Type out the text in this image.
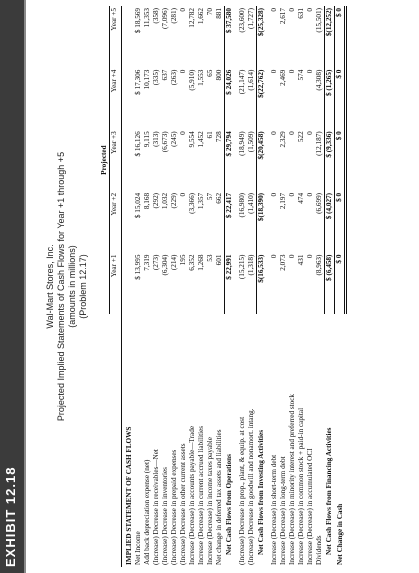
EXHIBIT 12.18
Wal-Mart Stores, Inc. Projected Implied Statements of Cash Flows for Year +1 through +5 (amounts in millions) (Problem 12.17)
	Projected				
	Year +1	Year +2	Year +3	Year +4	Year +5
IMPLIED STATEMENT OF CASH FLOWS					
Net Income	$ 13,995	$ 15,024	$ 16,126	$ 17,306	$ 18,569
Add back depreciation expense (net)	7,319	8,168	9,115	10,173	11,353
(Increase) Decrease in receivables—Net	(273)	(292)	(313)	(335)	(358)
(Increase) Decrease in inventories	(6,304)	1,032	(6,673)	637	(7,096)
(Increase) Decrease in prepaid expenses	(214)	(229)	(245)	(263)	(281)
(Increase) Decrease in other current assets	195	0	0	0	0
Increase (Decrease) in accounts payable—Trade	6,352	(3,366)	9,554	(5,910)	12,782
Increase (Decrease) in current accrued liabilities	1,268	1,357	1,452	1,553	1,662
Increase (Decrease) in income taxes payable	53	57	61	65	70
Net change in deferred tax assets and liabilities	601	662	728	800	881
Net Cash Flows from Operations	$ 22,991	$ 22,417	$ 29,794	$ 24,026	$ 37,580

(Increase) Decrease in prop., plant, & equip. at cost	(15,215)	(16,980)	(18,949)	(21,147)	(23,600)
(Increase) Decrease in goodwill and nonamort. intang.	(1,318)	(1,410)	(1,509)	(1,614)	(1,727)
Net Cash Flows from Investing Activities	$(16,533)	$(18,390)	$(20,458)	$(22,762)	$(25,328)

Increase (Decrease) in short-term debt	0	0	0	0	0
Increase (Decrease) in long-term debt	2,073	2,197	2,329	2,469	2,617
Increase (Decrease) in minority interest and preferred stock	0	0	0	0	0
Increase (Decrease) in common stock + paid-in capital	431	474	522	574	631
Increase (Decrease) in accumulated OCI	0	0	0	0	0
Dividends	(8,963)	(6,699)	(12,187)	(4,308)	(15,501)
Net Cash Flows from Financing Activities	$ (6,458)	$ (4,027)	$ (9,336)	$ (1,265)	$(12,252)
Net Change in Cash	$ 0	$ 0	$ 0	$ 0	$ 0
